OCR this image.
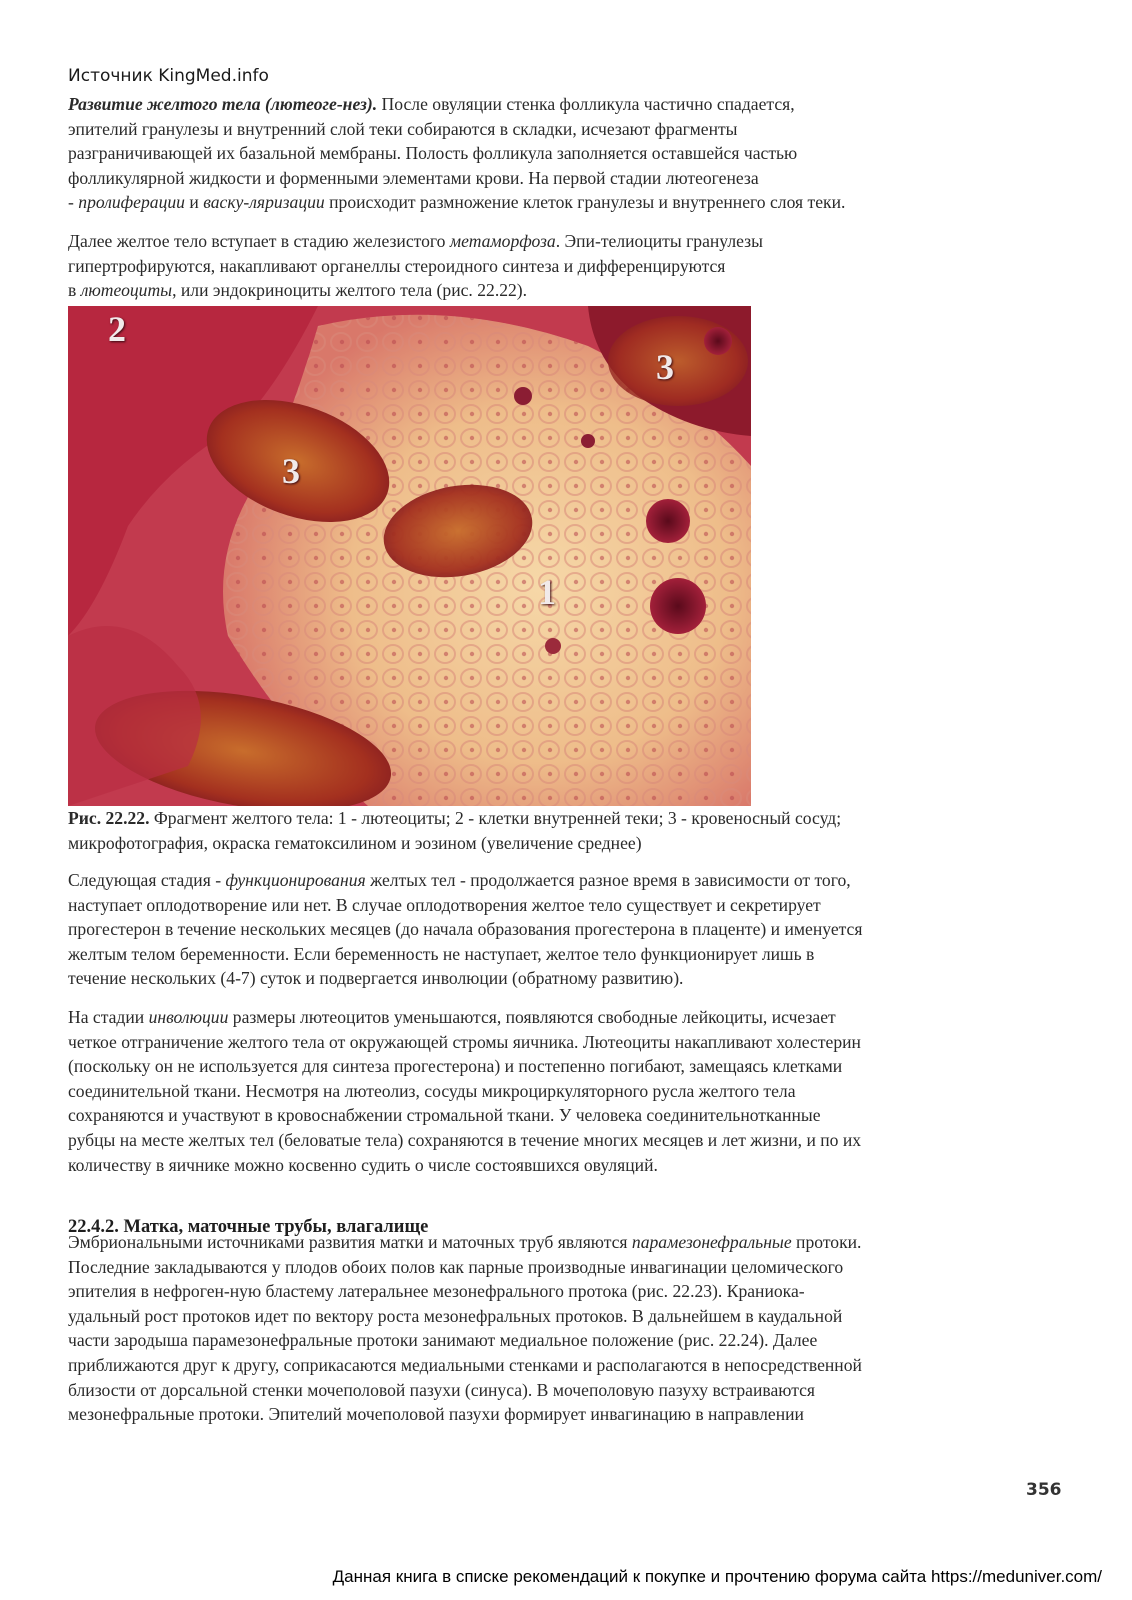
Источник KingMed.info

Развитие желтого тела (лютеоге-нез). После овуляции стенка фолликула частично спадается,
эпителий гранулезы и внутренний слой теки собираются в складки, исчезают фрагменты
разграничивающей их базальной мембраны. Полость фолликула заполняется оставшейся частью
фолликулярной жидкости и форменными элементами крови. На первой стадии лютеогенеза
- пролиферации и васку-ляризации происходит размножение клеток гранулезы и внутреннего слоя теки.

Далее желтое тело вступает в стадию железистого метаморфоза. Эпи-телиоциты гранулезы
гипертрофируются, накапливают органеллы стероидного синтеза и дифференцируются
в лютеоциты, или эндокриноциты желтого тела (рис. 22.22).

2
3
3
1

Рис. 22.22. Фрагмент желтого тела: 1 - лютеоциты; 2 - клетки внутренней теки; 3 - кровеносный сосуд;
микрофотография, окраска гематоксилином и эозином (увеличение среднее)

Следующая стадия - функционирования желтых тел - продолжается разное время в зависимости от того,
наступает оплодотворение или нет. В случае оплодотворения желтое тело существует и секретирует
прогестерон в течение нескольких месяцев (до начала образования прогестерона в плаценте) и именуется
желтым телом беременности. Если беременность не наступает, желтое тело функционирует лишь в
течение нескольких (4-7) суток и подвергается инволюции (обратному развитию).

На стадии инволюции размеры лютеоцитов уменьшаются, появляются свободные лейкоциты, исчезает
четкое отграничение желтого тела от окружающей стромы яичника. Лютеоциты накапливают холестерин
(поскольку он не используется для синтеза прогестерона) и постепенно погибают, замещаясь клетками
соединительной ткани. Несмотря на лютеолиз, сосуды микроциркуляторного русла желтого тела
сохраняются и участвуют в кровоснабжении стромальной ткани. У человека соединительнотканные
рубцы на месте желтых тел (беловатые тела) сохраняются в течение многих месяцев и лет жизни, и по их
количеству в яичнике можно косвенно судить о числе состоявшихся овуляций.

22.4.2. Матка, маточные трубы, влагалище

Эмбриональными источниками развития матки и маточных труб являются парамезонефральные протоки.
Последние закладываются у плодов обоих полов как парные производные инвагинации целомического
эпителия в нефроген-ную бластему латеральнее мезонефрального протока (рис. 22.23). Краниока-
удальный рост протоков идет по вектору роста мезонефральных протоков. В дальнейшем в каудальной
части зародыша парамезонефральные протоки занимают медиальное положение (рис. 22.24). Далее
приближаются друг к другу, соприкасаются медиальными стенками и располагаются в непосредственной
близости от дорсальной стенки мочеполовой пазухи (синуса). В мочеполовую пазуху встраиваются
мезонефральные протоки. Эпителий мочеполовой пазухи формирует инвагинацию в направлении

356
Данная книга в списке рекомендаций к покупке и прочтению форума сайта https://meduniver.com/
